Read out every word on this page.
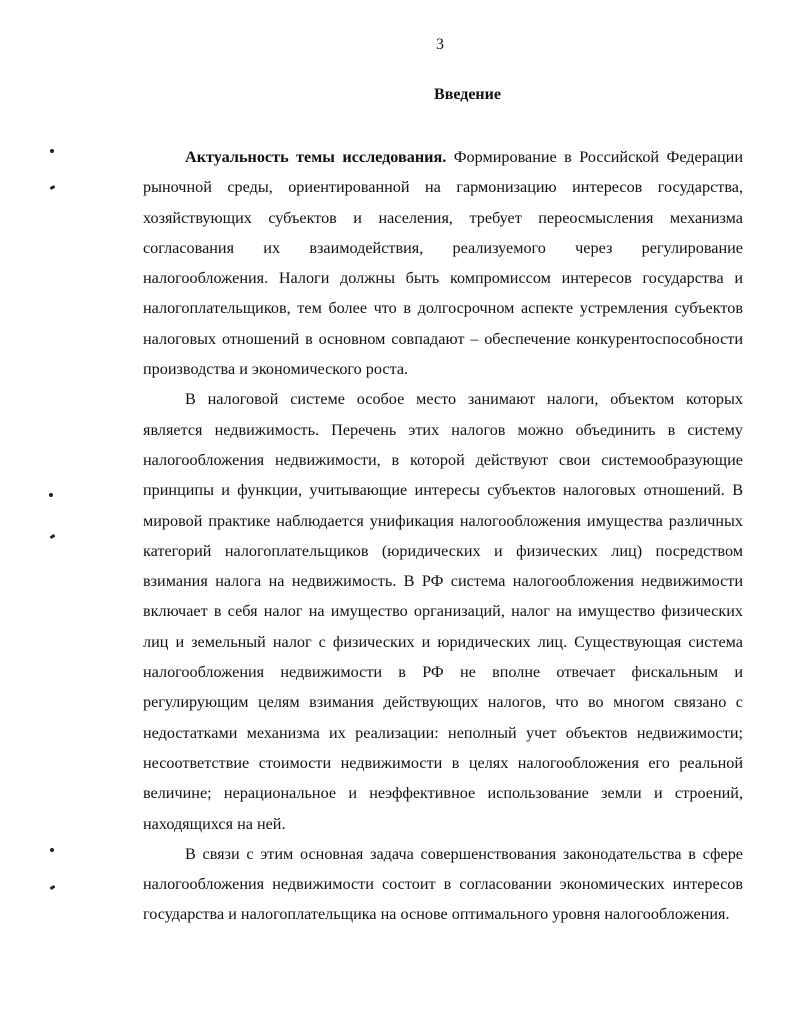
3
Введение

Актуальность темы исследования. Формирование в Российской Федерации рыночной среды, ориентированной на гармонизацию интересов государства, хозяйствующих субъектов и населения, требует переосмысления механизма согласования их взаимодействия, реализуемого через регулирование налогообложения. Налоги должны быть компромиссом интересов государства и налогоплательщиков, тем более что в долгосрочном аспекте устремления субъектов налоговых отношений в основном совпадают – обеспечение конкурентоспособности производства и экономического роста.

В налоговой системе особое место занимают налоги, объектом которых является недвижимость. Перечень этих налогов можно объединить в систему налогообложения недвижимости, в которой действуют свои системообразующие принципы и функции, учитывающие интересы субъектов налоговых отношений. В мировой практике наблюдается унификация налогообложения имущества различных категорий налогоплательщиков (юридических и физических лиц) посредством взимания налога на недвижимость. В РФ система налогообложения недвижимости включает в себя налог на имущество организаций, налог на имущество физических лиц и земельный налог с физических и юридических лиц. Существующая система налогообложения недвижимости в РФ не вполне отвечает фискальным и регулирующим целям взимания действующих налогов, что во многом связано с недостатками механизма их реализации: неполный учет объектов недвижимости; несоответствие стоимости недвижимости в целях налогообложения его реальной величине; нерациональное и неэффективное использование земли и строений, находящихся на ней.

В связи с этим основная задача совершенствования законодательства в сфере налогообложения недвижимости состоит в согласовании экономических интересов государства и налогоплательщика на основе оптимального уровня налогообложения.
